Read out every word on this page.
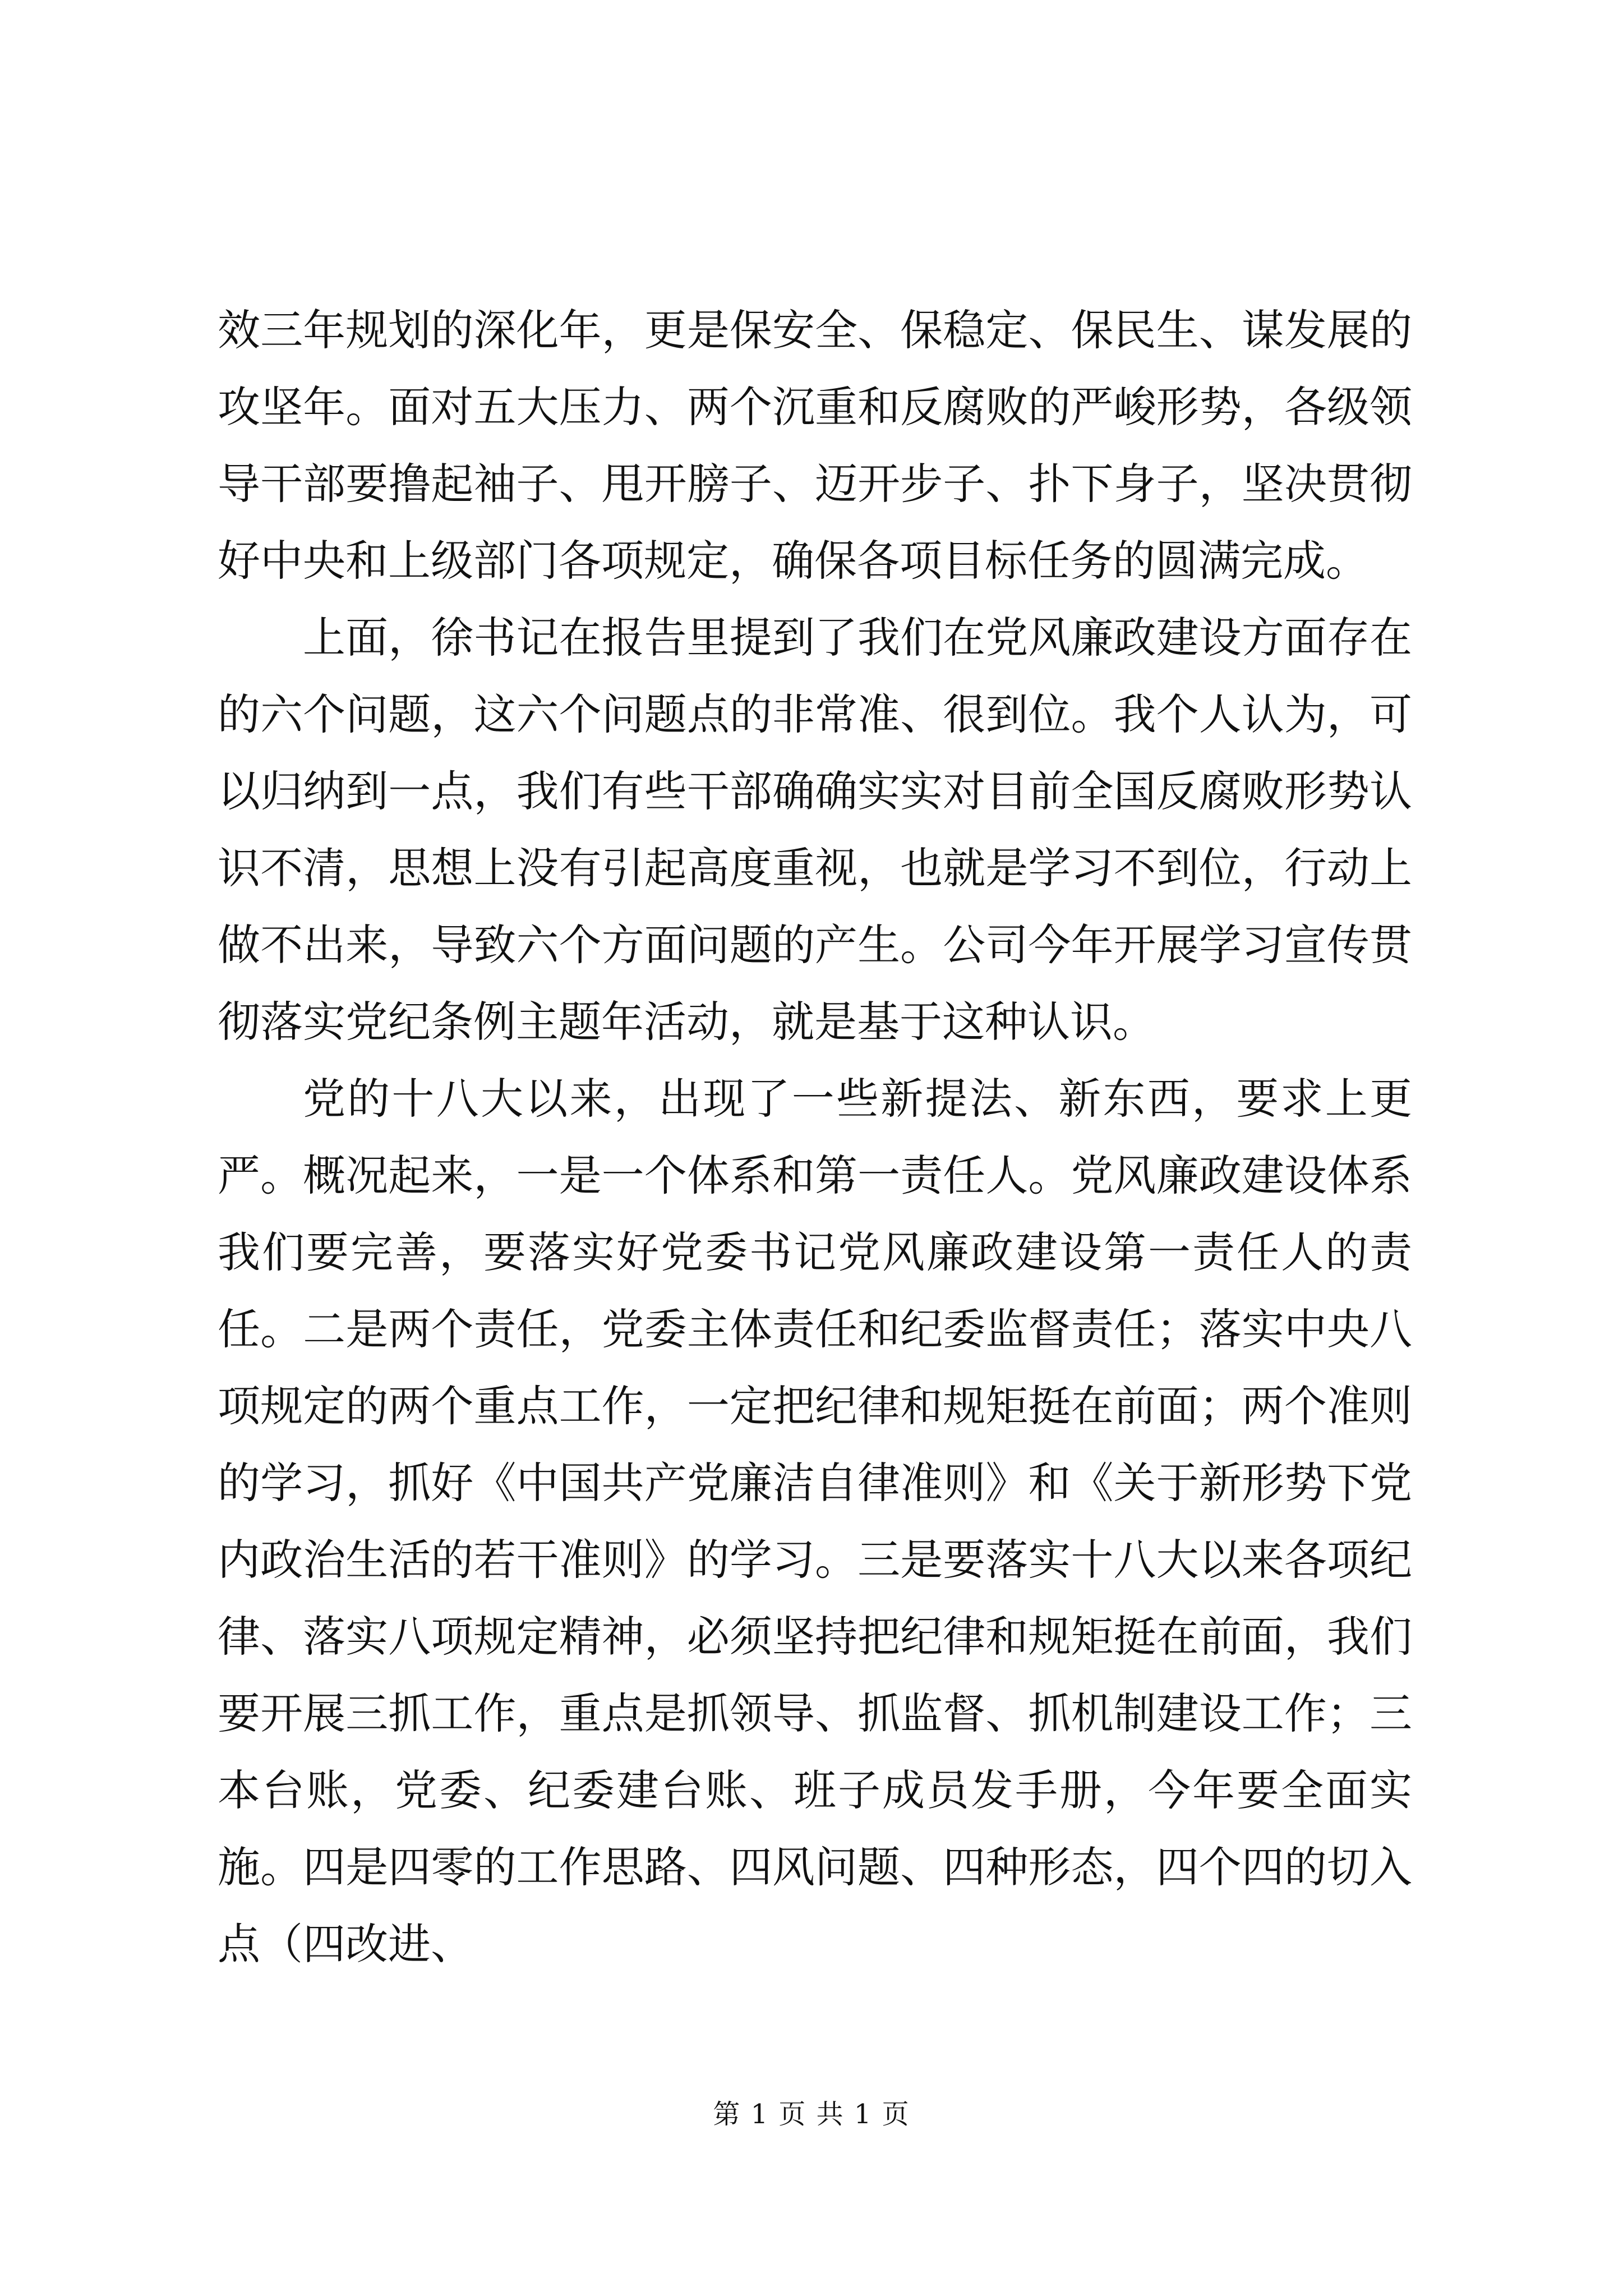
效三年规划的深化年，更是保安全、保稳定、保民生、谋发展的攻坚年。面对五大压力、两个沉重和反腐败的严峻形势，各级领导干部要撸起袖子、甩开膀子、迈开步子、扑下身子，坚决贯彻好中央和上级部门各项规定，确保各项目标任务的圆满完成。

上面，徐书记在报告里提到了我们在党风廉政建设方面存在的六个问题，这六个问题点的非常准、很到位。我个人认为，可以归纳到一点，我们有些干部确确实实对目前全国反腐败形势认识不清，思想上没有引起高度重视，也就是学习不到位，行动上做不出来，导致六个方面问题的产生。公司今年开展学习宣传贯彻落实党纪条例主题年活动，就是基于这种认识。

党的十八大以来，出现了一些新提法、新东西，要求上更严。概况起来，一是一个体系和第一责任人。党风廉政建设体系我们要完善，要落实好党委书记党风廉政建设第一责任人的责任。二是两个责任，党委主体责任和纪委监督责任；落实中央八项规定的两个重点工作，一定把纪律和规矩挺在前面；两个准则的学习，抓好《中国共产党廉洁自律准则》和《关于新形势下党内政治生活的若干准则》的学习。三是要落实十八大以来各项纪律、落实八项规定精神，必须坚持把纪律和规矩挺在前面，我们要开展三抓工作，重点是抓领导、抓监督、抓机制建设工作；三本台账，党委、纪委建台账、班子成员发手册，今年要全面实施。四是四零的工作思路、四风问题、四种形态，四个四的切入点（四改进、

第 1 页 共 1 页
